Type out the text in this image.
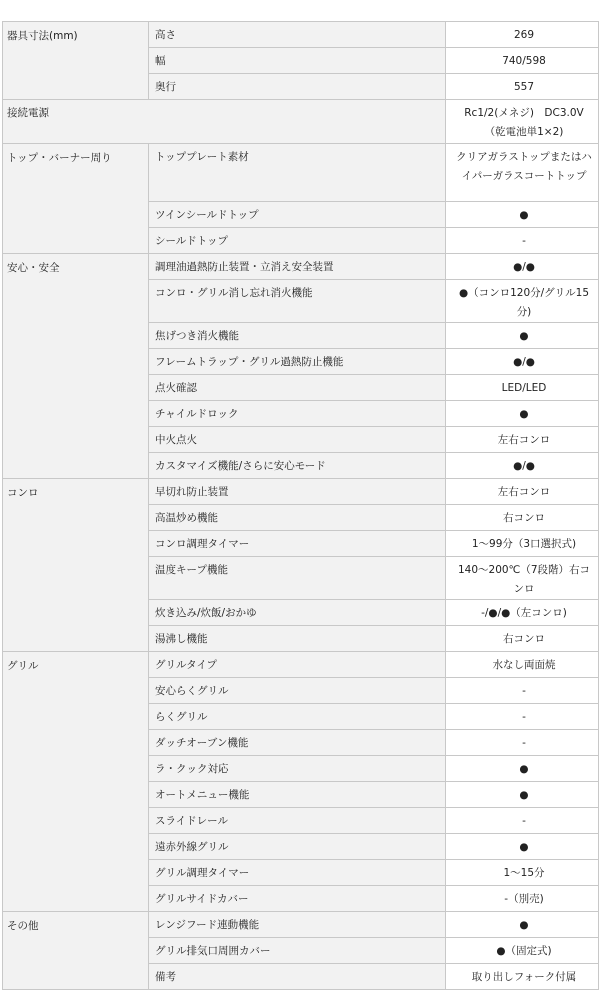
器具寸法(mm)	高さ	269
	幅	740/598
	奥行	557
接続電源		Rc1/2(メネジ)　DC3.0V（乾電池単1×2)
トップ・バーナー周り	トッププレート素材	クリアガラストップまたはハイパーガラスコートトップ
	ツインシールドトップ	●
	シールドトップ	-
安心・安全	調理油過熱防止装置・立消え安全装置	●/●
	コンロ・グリル消し忘れ消火機能	●（コンロ120分/グリル15分)
	焦げつき消火機能	●
	フレームトラップ・グリル過熱防止機能	●/●
	点火確認	LED/LED
	チャイルドロック	●
	中火点火	左右コンロ
	カスタマイズ機能/さらに安心モード	●/●
コンロ	早切れ防止装置	左右コンロ
	高温炒め機能	右コンロ
	コンロ調理タイマー	1〜99分（3口選択式)
	温度キープ機能	140〜200℃（7段階）右コンロ
	炊き込み/炊飯/おかゆ	-/●/●（左コンロ)
	湯沸し機能	右コンロ
グリル	グリルタイプ	水なし両面焼
	安心らくグリル	-
	らくグリル	-
	ダッチオーブン機能	-
	ラ・クック対応	●
	オートメニュー機能	●
	スライドレール	-
	遠赤外線グリル	●
	グリル調理タイマー	1〜15分
	グリルサイドカバー	-（別売)
その他	レンジフード連動機能	●
	グリル排気口周囲カバー	●（固定式)
	備考	取り出しフォーク付属
